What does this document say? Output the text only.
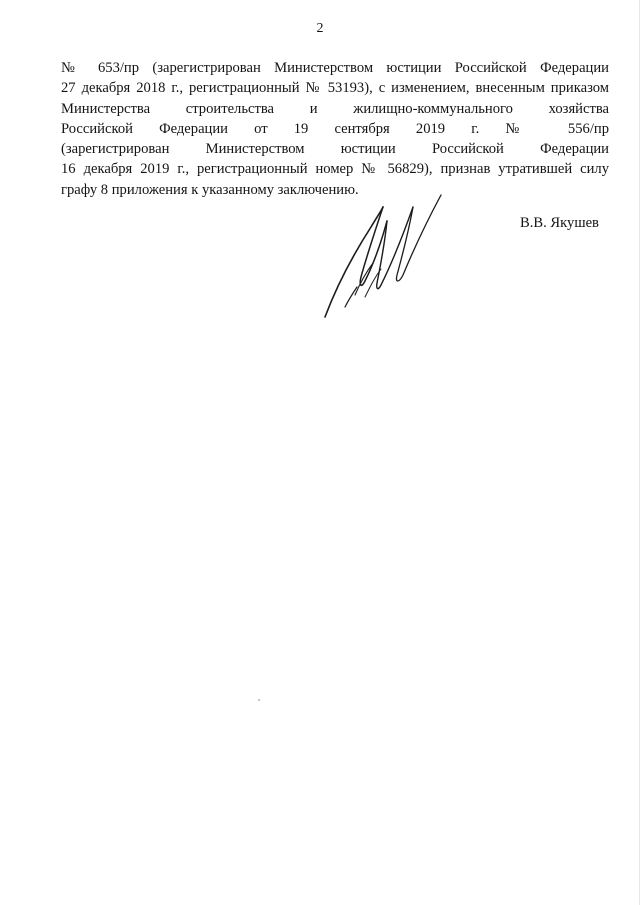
2
№ 653/пр (зарегистрирован Министерством юстиции Российской Федерации
27 декабря 2018 г., регистрационный № 53193), с изменением, внесенным приказом
Министерства строительства и жилищно-коммунального хозяйства
Российской Федерации от 19 сентября 2019 г. № 556/пр
(зарегистрирован Министерством юстиции Российской Федерации
16 декабря 2019 г., регистрационный номер № 56829), признав утратившей силу
графу 8 приложения к указанному заключению.
В.В. Якушев
